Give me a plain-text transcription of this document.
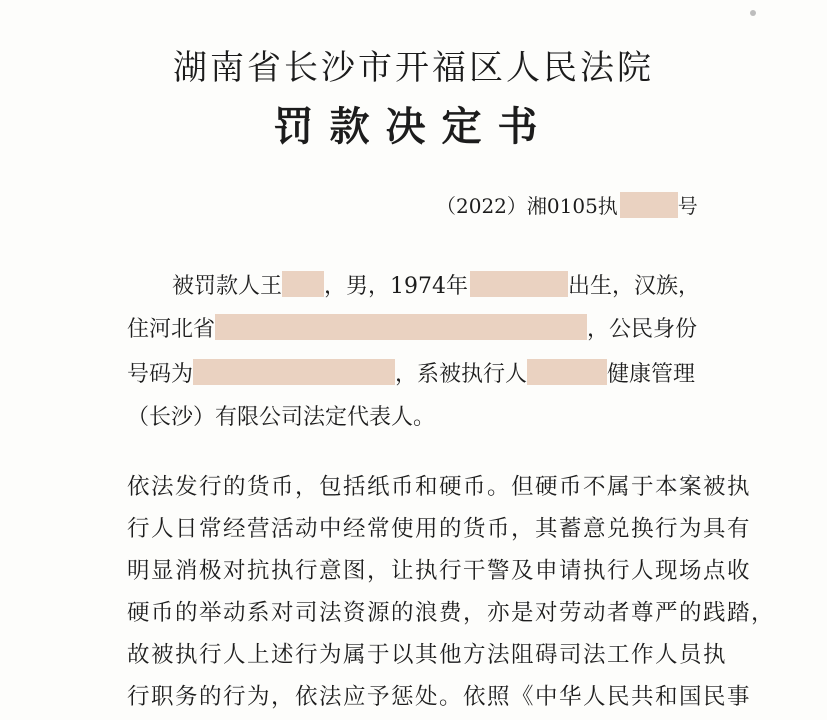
湖南省长沙市开福区人民法院
罚款决定书
（2022）湘0105执	号
被罚款人王 ，男，1974年	出生，汉族，
住河北省	，公民身份
号码为	，系被执行人	健康管理
（长沙）有限公司法定代表人。
依法发行的货币，包括纸币和硬币。但硬币不属于本案被执
行人日常经营活动中经常使用的货币，其蓄意兑换行为具有
明显消极对抗执行意图，让执行干警及申请执行人现场点收
硬币的举动系对司法资源的浪费，亦是对劳动者尊严的践踏，
故被执行人上述行为属于以其他方法阻碍司法工作人员执
行职务的行为，依法应予惩处。依照《中华人民共和国民事
